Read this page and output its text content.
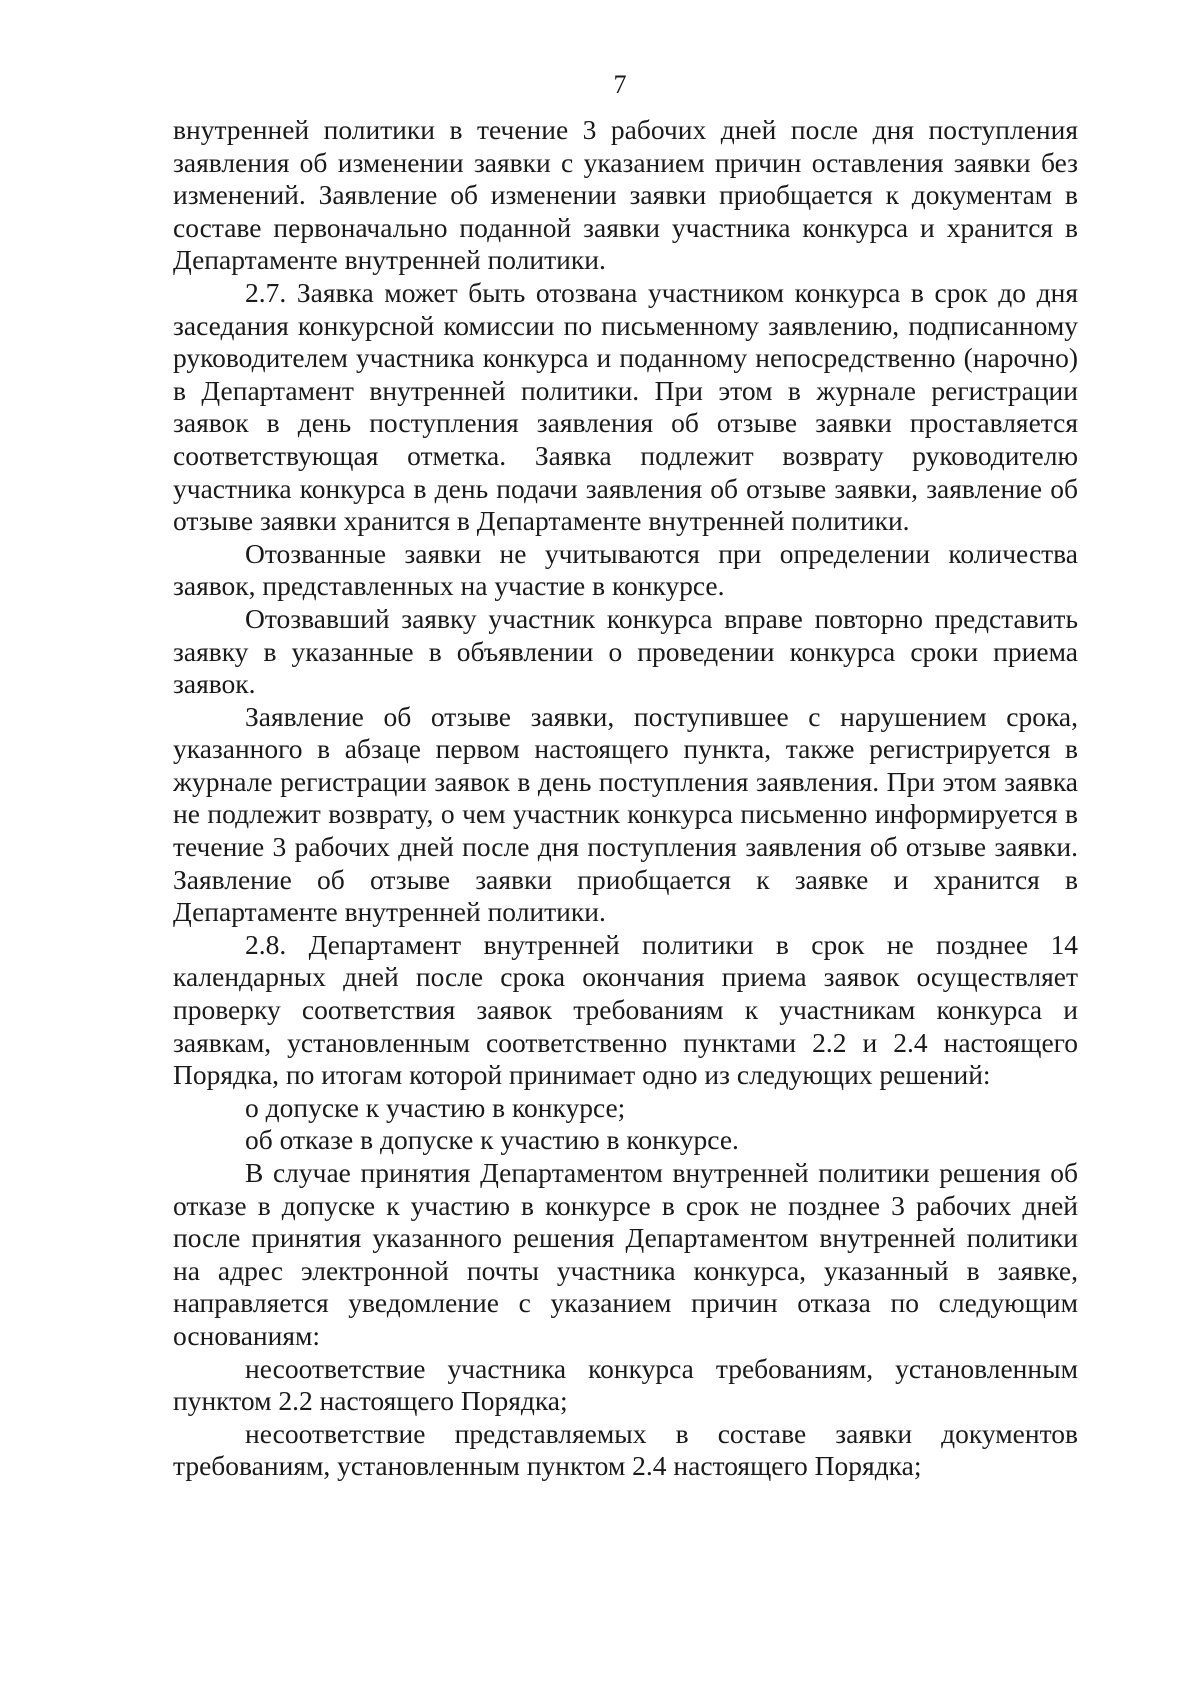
7

внутренней политики в течение 3 рабочих дней после дня поступления заявления об изменении заявки с указанием причин оставления заявки без изменений. Заявление об изменении заявки приобщается к документам в составе первоначально поданной заявки участника конкурса и хранится в Департаменте внутренней политики.

2.7. Заявка может быть отозвана участником конкурса в срок до дня заседания конкурсной комиссии по письменному заявлению, подписанному руководителем участника конкурса и поданному непосредственно (нарочно) в Департамент внутренней политики. При этом в журнале регистрации заявок в день поступления заявления об отзыве заявки проставляется соответствующая отметка. Заявка подлежит возврату руководителю участника конкурса в день подачи заявления об отзыве заявки, заявление об отзыве заявки хранится в Департаменте внутренней политики.

Отозванные заявки не учитываются при определении количества заявок, представленных на участие в конкурсе.

Отозвавший заявку участник конкурса вправе повторно представить заявку в указанные в объявлении о проведении конкурса сроки приема заявок.

Заявление об отзыве заявки, поступившее с нарушением срока, указанного в абзаце первом настоящего пункта, также регистрируется в журнале регистрации заявок в день поступления заявления. При этом заявка не подлежит возврату, о чем участник конкурса письменно информируется в течение 3 рабочих дней после дня поступления заявления об отзыве заявки. Заявление об отзыве заявки приобщается к заявке и хранится в Департаменте внутренней политики.

2.8. Департамент внутренней политики в срок не позднее 14 календарных дней после срока окончания приема заявок осуществляет проверку соответствия заявок требованиям к участникам конкурса и заявкам, установленным соответственно пунктами 2.2 и 2.4 настоящего Порядка, по итогам которой принимает одно из следующих решений:

о допуске к участию в конкурсе;

об отказе в допуске к участию в конкурсе.

В случае принятия Департаментом внутренней политики решения об отказе в допуске к участию в конкурсе в срок не позднее 3 рабочих дней после принятия указанного решения Департаментом внутренней политики на адрес электронной почты участника конкурса, указанный в заявке, направляется уведомление с указанием причин отказа по следующим основаниям:

несоответствие участника конкурса требованиям, установленным пунктом 2.2 настоящего Порядка;

несоответствие представляемых в составе заявки документов требованиям, установленным пунктом 2.4 настоящего Порядка;
